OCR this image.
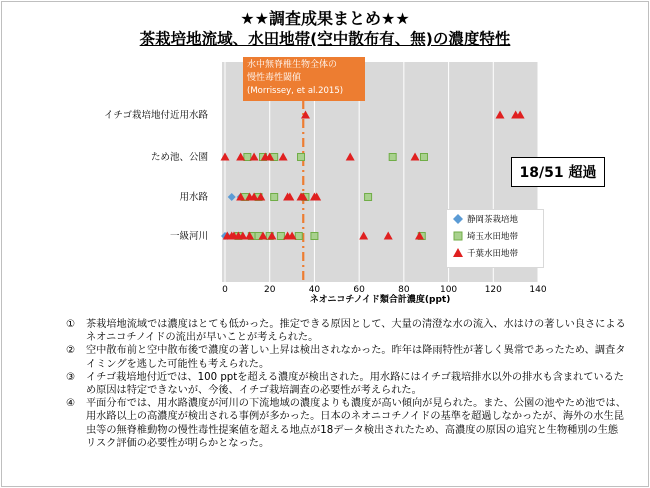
★★調査成果まとめ★★
茶栽培地流域、水田地帯(空中散布有、無)の濃度特性
イチゴ栽培地付近用水路
ため池、公園
用水路
一級河川
0	20	40	60	80	100	120	140
ネオニコチノイド類合計濃度(ppt)
水中無脊椎生物全体の
慢性毒性閾値
(Morrissey, et al.2015)
18/51 超過
静岡茶栽培地
埼玉水田地帯
千葉水田地帯
①	茶栽培地流域では濃度はとても低かった。推定できる原因として、大量の清澄な水の流入、水はけの著しい良さによるネオニコチノイドの流出が早いことが考えられた。
②	空中散布前と空中散布後で濃度の著しい上昇は検出されなかった。昨年は降雨特性が著しく異常であったため、調査タイミングを逃した可能性も考えられた。
③	イチゴ栽培地付近では、100 pptを超える濃度が検出された。用水路にはイチゴ栽培排水以外の排水も含まれているため原因は特定できないが、今後、イチゴ栽培調査の必要性が考えられた。
④	平面分布では、用水路濃度が河川の下流地域の濃度よりも濃度が高い傾向が見られた。また、公園の池やため池では、用水路以上の高濃度が検出される事例が多かった。日本のネオニコチノイドの基準を超過しなかったが、海外の水生昆虫等の無脊椎動物の慢性毒性提案値を超える地点が18データ検出されたため、高濃度の原因の追究と生物種別の生態リスク評価の必要性が明らかとなった。
